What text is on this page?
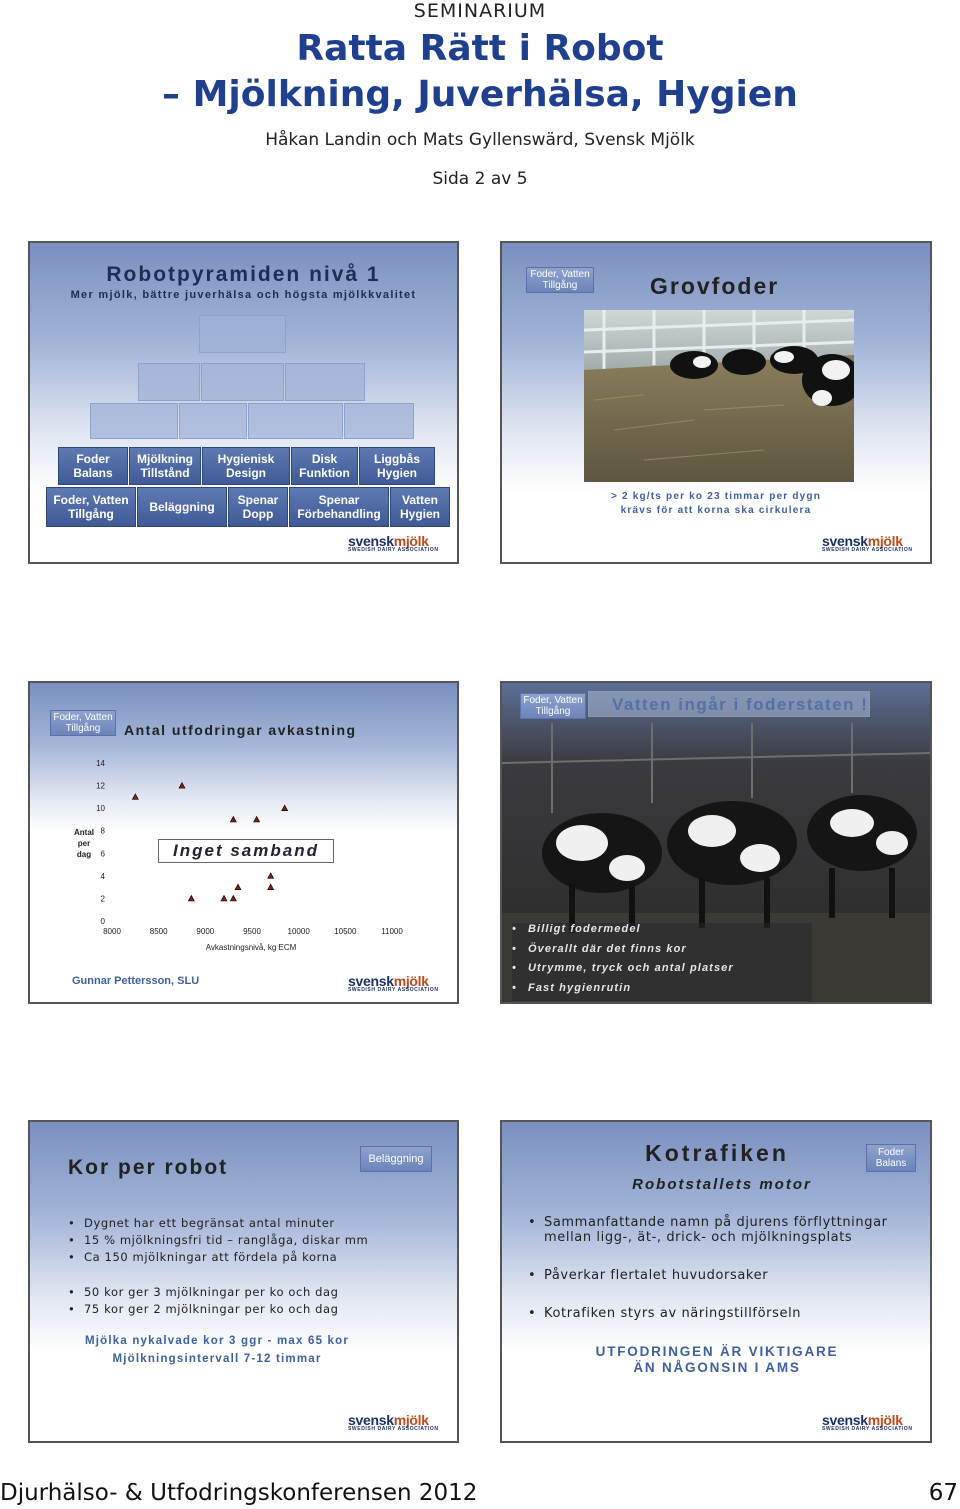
SEMINARIUM
Ratta Rätt i Robot
– Mjölkning, Juverhälsa, Hygien
Håkan Landin och Mats Gyllenswärd, Svensk Mjölk
Sida 2 av 5
Robotpyramiden nivå 1
Mer mjölk, bättre juverhälsa och högsta mjölkkvalitet
Foder Balans
Mjölkning Tillstånd
Hygienisk Design
Disk Funktion
Liggbås Hygien
Foder, Vatten Tillgång	Beläggning	Spenar Dopp
Spenar Förbehandling
Vatten Hygien
svenskmjölk
SWEDISH DAIRY ASSOCIATION
Foder, Vatten Tillgång	Grovfoder
> 2 kg/ts per ko 23 timmar per dygn
krävs för att korna ska cirkulera
svenskmjölk
SWEDISH DAIRY ASSOCIATION
Foder, Vatten Tillgång	Antal utfodringar avkastning
0
2
4
6
8
10
12
14
8000	8500	9000	9500	10000	10500	11000
Antal
per
dag
Avkastningsnivå, kg ECM
Inget samband
Gunnar Pettersson, SLU	svenskmjölk
SWEDISH DAIRY ASSOCIATION
Foder, Vatten Tillgång	Vatten ingår i foderstaten !
• Billigt fodermedel
• Överallt där det finns kor
• Utrymme, tryck och antal platser
• Fast hygienrutin
Kor per robot	Beläggning
• Dygnet har ett begränsat antal minuter
• 15 % mjölkningsfri tid – ranglåga, diskar mm
• Ca 150 mjölkningar att fördela på korna
• 50 kor ger 3 mjölkningar per ko och dag
• 75 kor ger 2 mjölkningar per ko och dag
Mjölka nykalvade kor 3 ggr - max 65 kor
Mjölkningsintervall 7-12 timmar
svenskmjölk
SWEDISH DAIRY ASSOCIATION
Kotrafiken
Robotstallets motor
Foder Balans
• Sammanfattande namn på djurens förflyttningar mellan ligg-, ät-, drick- och mjölkningsplats
• Påverkar flertalet huvudorsaker
• Kotrafiken styrs av näringstillförseln
UTFODRINGEN ÄR VIKTIGARE
ÄN NÅGONSIN I AMS
svenskmjölk
SWEDISH DAIRY ASSOCIATION
Djurhälso- & Utfodringskonferensen 2012	67
